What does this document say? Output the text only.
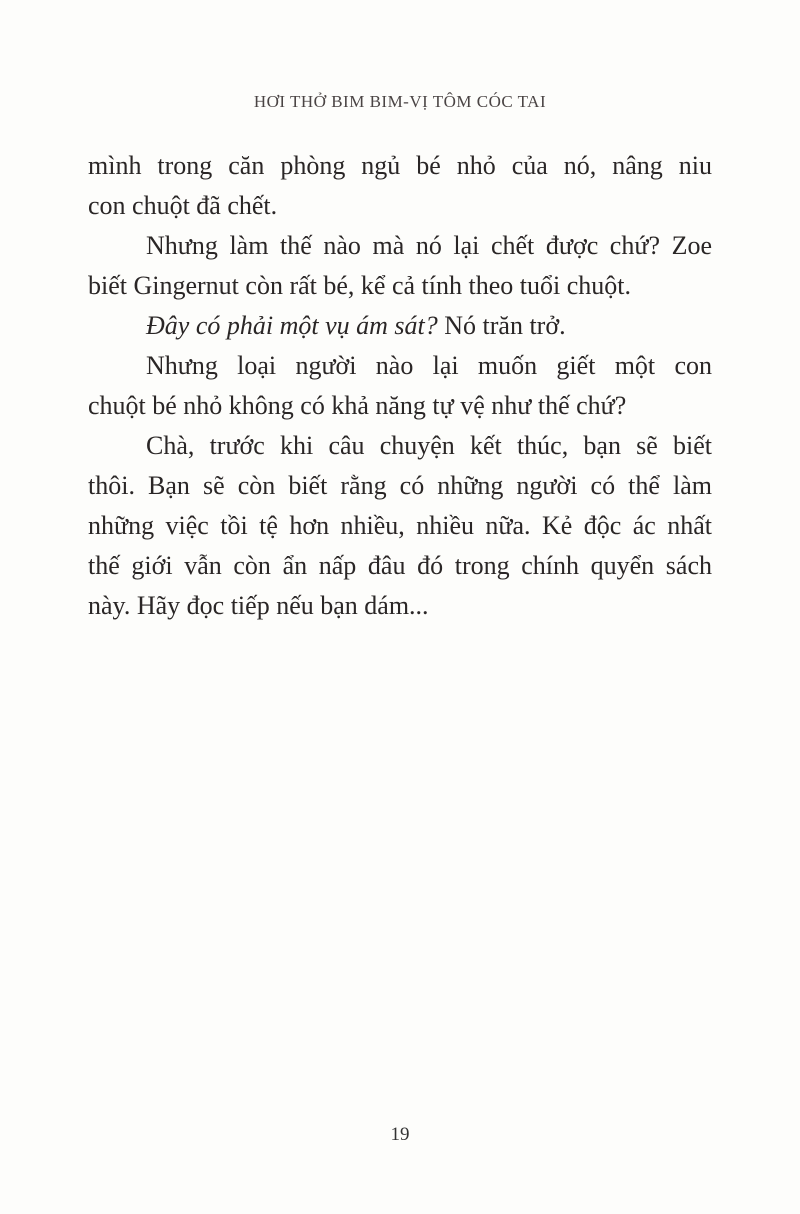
HƠI THỞ BIM BIM-VỊ TÔM CÓC TAI
mình trong căn phòng ngủ bé nhỏ của nó, nâng niu
con chuột đã chết.
Nhưng làm thế nào mà nó lại chết được chứ? Zoe
biết Gingernut còn rất bé, kể cả tính theo tuổi chuột.
Đây có phải một vụ ám sát? Nó trăn trở.
Nhưng loại người nào lại muốn giết một con
chuột bé nhỏ không có khả năng tự vệ như thế chứ?
Chà, trước khi câu chuyện kết thúc, bạn sẽ biết
thôi. Bạn sẽ còn biết rằng có những người có thể làm
những việc tồi tệ hơn nhiều, nhiều nữa. Kẻ độc ác nhất
thế giới vẫn còn ẩn nấp đâu đó trong chính quyển sách
này. Hãy đọc tiếp nếu bạn dám...
19
